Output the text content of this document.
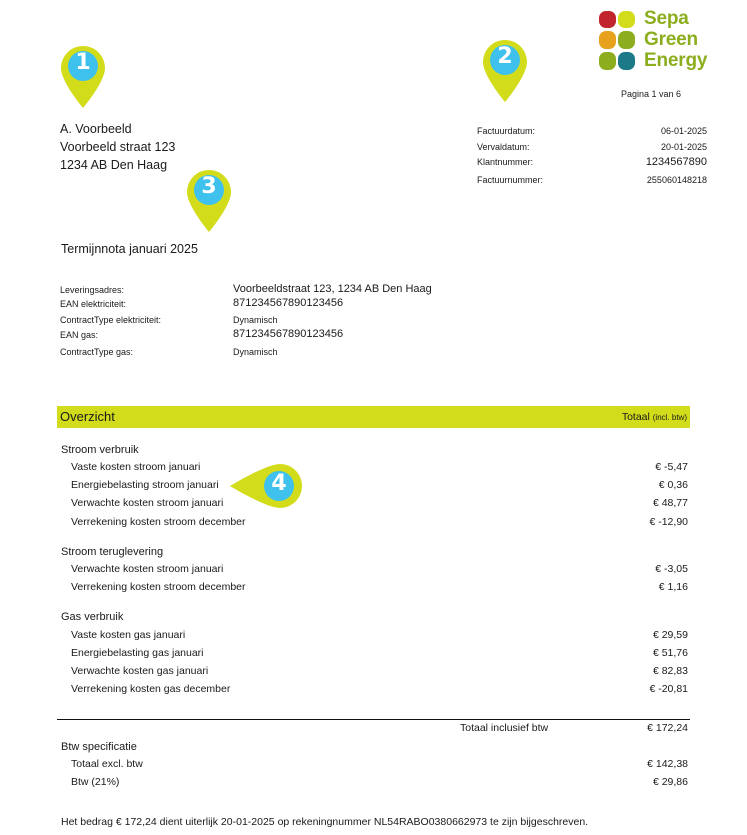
Sepa
Green
Energy
Pagina 1 van 6
1	2
3
4
A. Voorbeeld
Voorbeeld straat 123
1234 AB Den Haag
Factuurdatum:	06-01-2025
Vervaldatum:	20-01-2025
Klantnummer:	1234567890
Factuurnummer:	255060148218
Termijnnota januari 2025
Leveringsadres:	Voorbeeldstraat 123, 1234 AB Den Haag
EAN elektriciteit:	871234567890123456
ContractType elektriciteit:	Dynamisch
EAN gas:	871234567890123456
ContractType gas:	Dynamisch
Overzicht	Totaal (incl. btw)
Stroom verbruik
Vaste kosten stroom januari	€ -5,47
Energiebelasting stroom januari	€ 0,36
Verwachte kosten stroom januari	€ 48,77
Verrekening kosten stroom december	€ -12,90
Stroom teruglevering
Verwachte kosten stroom januari	€ -3,05
Verrekening kosten stroom december	€ 1,16
Gas verbruik
Vaste kosten gas januari	€ 29,59
Energiebelasting gas januari	€ 51,76
Verwachte kosten gas januari	€ 82,83
Verrekening kosten gas december	€ -20,81
Totaal inclusief btw	€ 172,24
Btw specificatie
Totaal excl. btw	€ 142,38
Btw (21%)	€ 29,86
Het bedrag € 172,24 dient uiterlijk 20-01-2025 op rekeningnummer NL54RABO0380662973 te zijn bijgeschreven.
